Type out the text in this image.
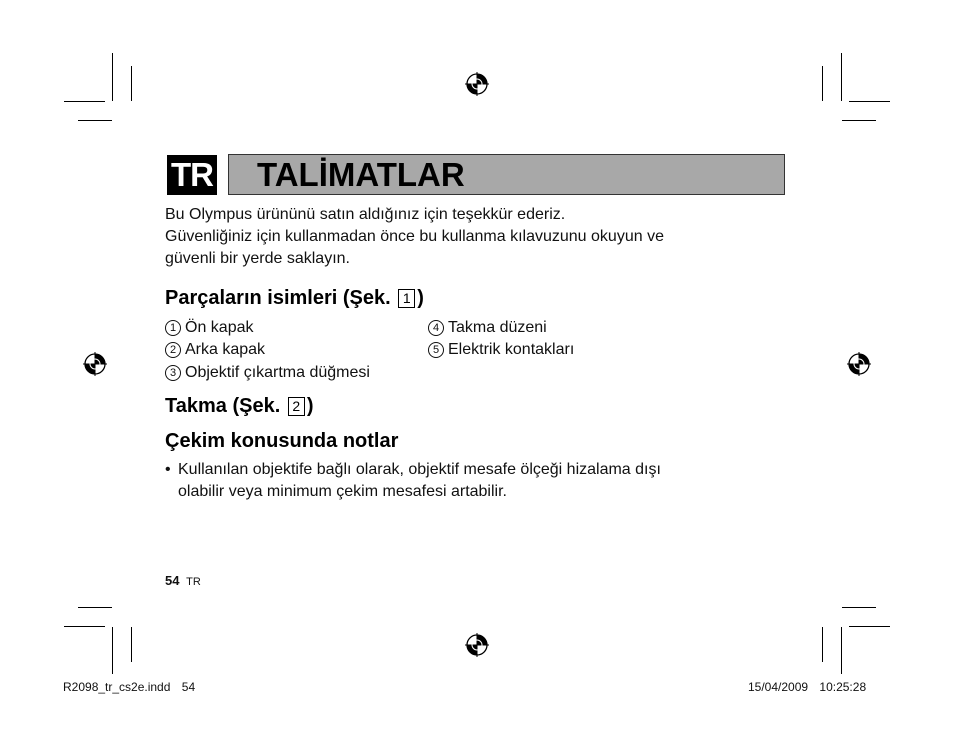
TR TALİMATLAR
Bu Olympus ürününü satın aldığınız için teşekkür ederiz.
Güvenliğiniz için kullanmadan önce bu kullanma kılavuzunu okuyun ve
güvenli bir yerde saklayın.
Parçaların isimleri (Şek. 1 )
1 Ön kapak
2 Arka kapak
3 Objektif çıkartma düğmesi
4 Takma düzeni
5 Elektrik kontakları
Takma (Şek. 2 )
Çekim konusunda notlar
• Kullanılan objektife bağlı olarak, objektif mesafe ölçeği hizalama dışı
olabilir veya minimum çekim mesafesi artabilir.
54 TR
R2098_tr_cs2e.indd 54	15/04/2009 10:25:28
